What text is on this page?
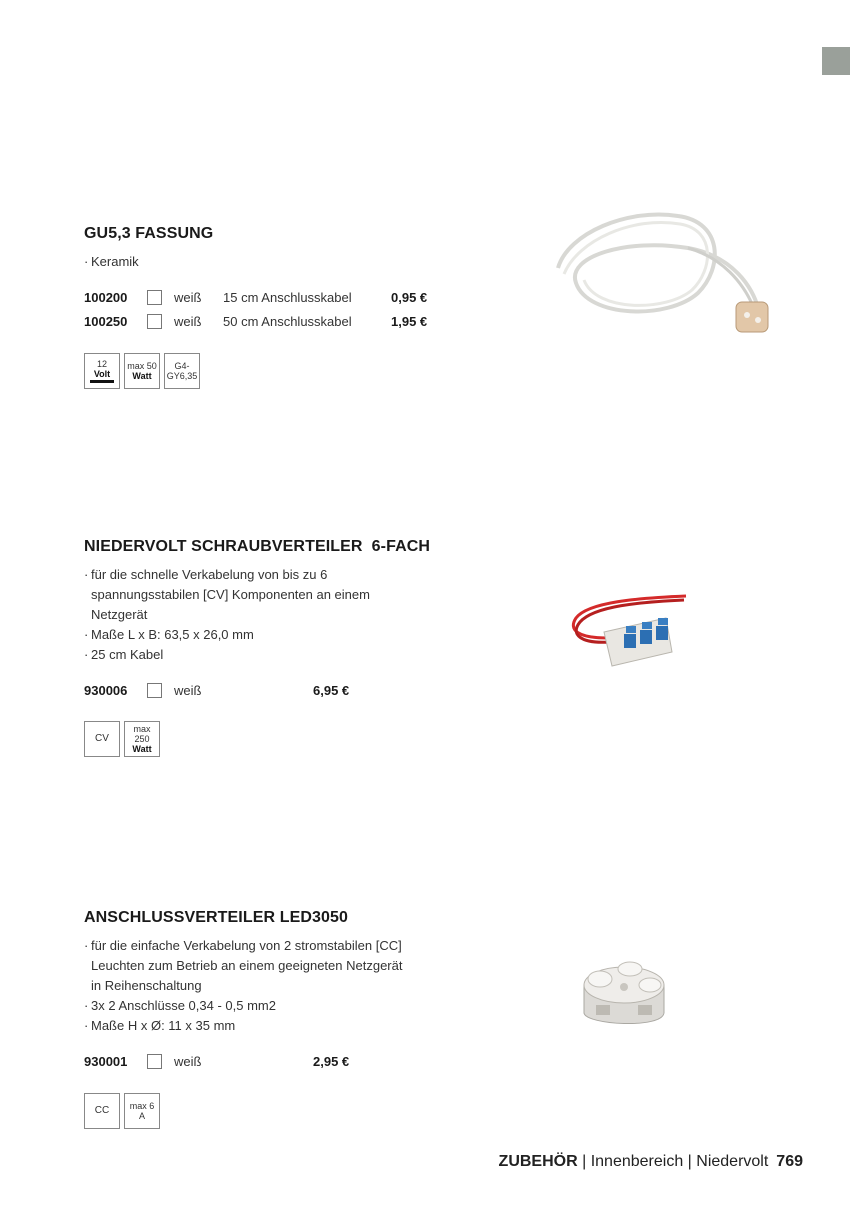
GU5,3 FASSUNG
· Keramik
100200	weiß 15 cm Anschlusskabel	0,95 €
100250	weiß 50 cm Anschlusskabel	1,95 €
12
Volt
max 50
Watt
G4-
GY6,35
NIEDERVOLT SCHRAUBVERTEILER  6-FACH
· für die schnelle Verkabelung von bis zu 6
spannungsstabilen [CV] Komponenten an einem
Netzgerät
· Maße L x B: 63,5 x 26,0 mm
· 25 cm Kabel
930006	weiß	6,95 €
CV
max 250
Watt
ANSCHLUSSVERTEILER LED3050
· für die einfache Verkabelung von 2 stromstabilen [CC]
Leuchten zum Betrieb an einem geeigneten Netzgerät
in Reihenschaltung
· 3x 2 Anschlüsse 0,34 - 0,5 mm2
· Maße H x Ø: 11 x 35 mm
930001	weiß	2,95 €
CC max 6
A
ZUBEHÖR | Innenbereich | Niedervolt 769
